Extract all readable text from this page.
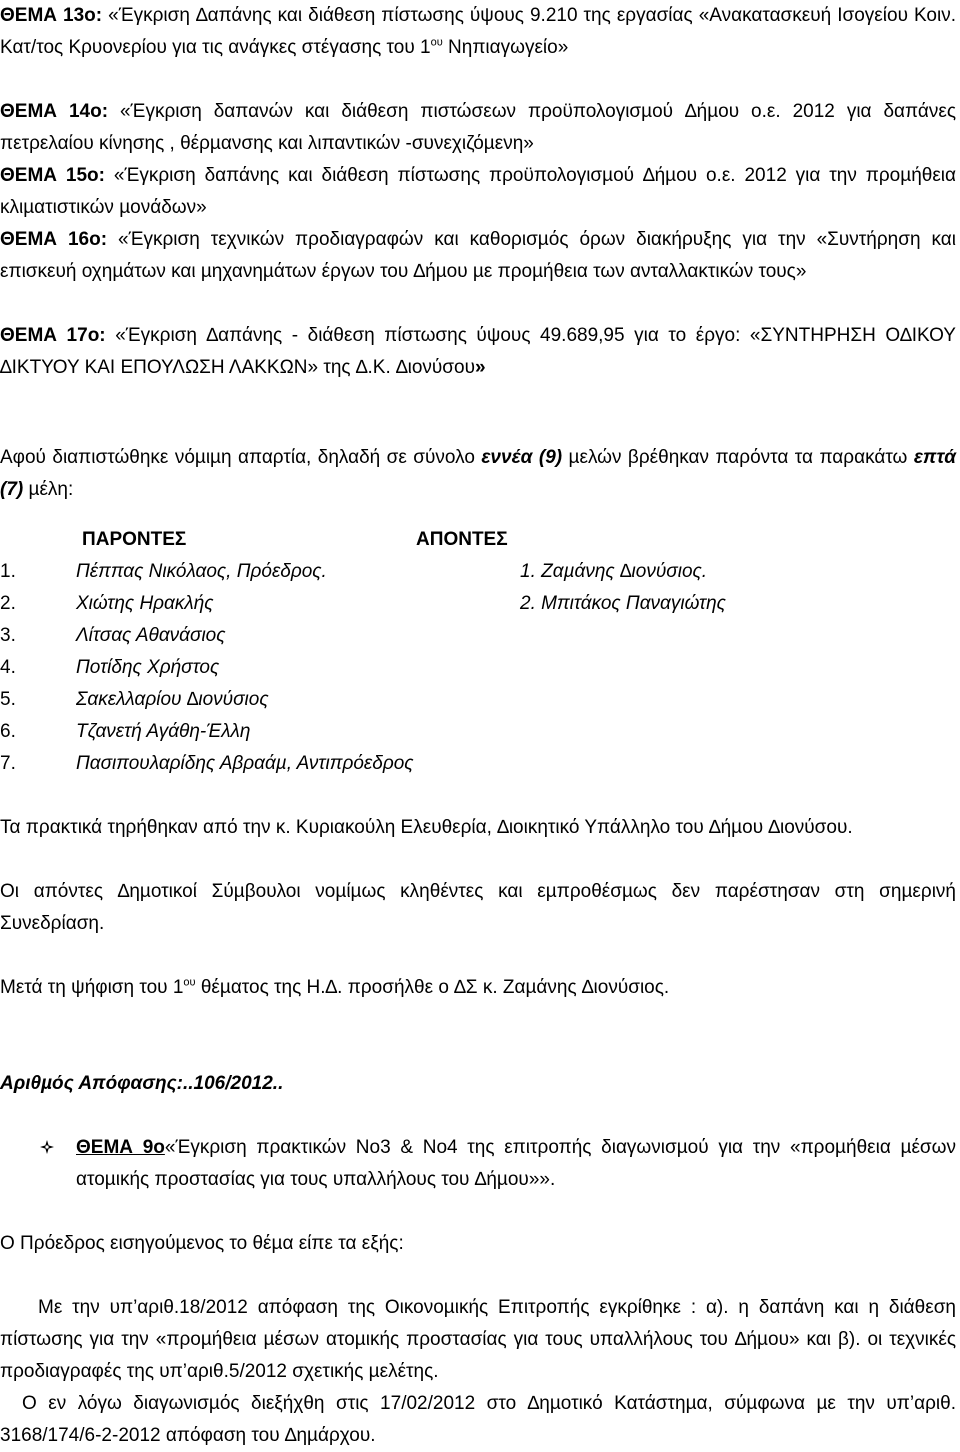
ΘΕΜΑ 13ο: «Έγκριση ∆απάνης και διάθεση πίστωσης ύψους 9.210 της εργασίας «Ανακατασκευή Ισογείου Κοιν. Κατ/τος Κρυονερίου για τις ανάγκες στέγασης του $1^{o\upsilon}$ Νηπιαγωγείο»

ΘΕΜΑ 14ο: «Έγκριση δαπανών και διάθεση πιστώσεων προϋπολογισµού ∆ήµου ο.ε. 2012 για δαπάνες πετρελαίου κίνησης , θέρµανσης και λιπαντικών -συνεχιζόµενη»

ΘΕΜΑ 15ο: «Έγκριση δαπάνης και διάθεση πίστωσης προϋπολογισµού ∆ήµου ο.ε. 2012 για την προµήθεια κλιµατιστικών µονάδων»

ΘΕΜΑ 16ο: «Έγκριση τεχνικών προδιαγραφών και καθορισµός όρων διακήρυξης για την «Συντήρηση και επισκευή οχηµάτων και µηχανηµάτων έργων του ∆ήµου µε προµήθεια των ανταλλακτικών τους»

ΘΕΜΑ 17ο: «Έγκριση ∆απάνης - διάθεση πίστωσης ύψους 49.689,95 για το έργο: «ΣΥΝΤΗΡΗΣΗ Ο∆ΙΚΟΥ ∆ΙΚΤΥΟΥ ΚΑΙ ΕΠΟΥΛΩΣΗ ΛΑΚΚΩΝ» της ∆.Κ. ∆ιονύσου»

Αφού διαπιστώθηκε νόµιµη απαρτία, δηλαδή σε σύνολο εννέα (9) µελών βρέθηκαν παρόντα τα παρακάτω επτά (7) µέλη:

ΠΑΡΟΝΤΕΣ	ΑΠΟΝΤΕΣ
1.	Πέππας Νικόλαος, Πρόεδρος.	1. Ζαµάνης ∆ιονύσιος.
2.	Χιώτης Ηρακλής	2. Μπιτάκος Παναγιώτης
3.	Λίτσας Αθανάσιος
4.	Ποτίδης Χρήστος
5.	Σακελλαρίου ∆ιονύσιος
6.	Τζανετή Αγάθη-Έλλη
7.	Πασιπουλαρίδης Αβραάµ, Αντιπρόεδρος

Τα πρακτικά τηρήθηκαν από την κ. Κυριακούλη Ελευθερία, ∆ιοικητικό Υπάλληλο του ∆ήµου ∆ιονύσου.

Οι απόντες ∆ηµοτικοί Σύµβουλοι νοµίµως κληθέντες και εµπροθέσµως δεν παρέστησαν στη σηµερινή Συνεδρίαση.

Μετά τη ψήφιση του $1^{o\upsilon}$ θέµατος της Η.∆. προσήλθε ο ∆Σ κ. Ζαµάνης ∆ιονύσιος.

Αριθµός Απόφασης:..106/2012..

ΘΕΜΑ 9ο«Έγκριση πρακτικών Νο3 & Νο4 της επιτροπής διαγωνισµού για την «προµήθεια µέσων ατοµικής προστασίας για τους υπαλλήλους του ∆ήµου»».

Ο Πρόεδρος εισηγούµενος το θέµα είπε τα εξής:

Με την υπ’αριθ.18/2012 απόφαση της Οικονοµικής Επιτροπής εγκρίθηκε : α). η δαπάνη και η διάθεση πίστωσης για την «προµήθεια µέσων ατοµικής προστασίας για τους υπαλλήλους του ∆ήµου» και β). οι τεχνικές προδιαγραφές της υπ’αριθ.5/2012 σχετικής µελέτης.

Ο εν λόγω διαγωνισµός διεξήχθη στις 17/02/2012 στο ∆ηµοτικό Κατάστηµα, σύµφωνα µε την υπ’αριθ. 3168/174/6-2-2012 απόφαση του ∆ηµάρχου.
